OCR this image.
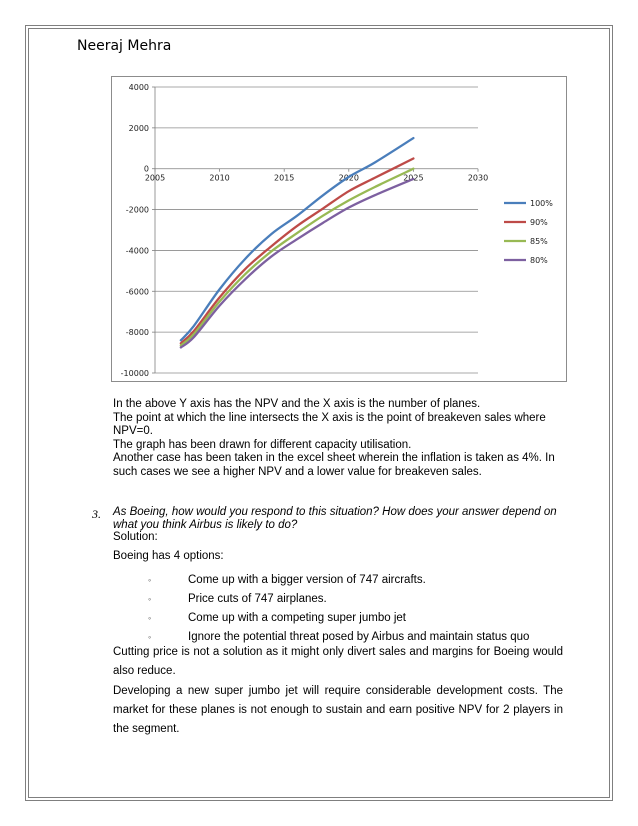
Neeraj Mehra
4000
2000
0
-2000
-4000
-6000
-8000
-10000
2005	2010	2015	2020	2025	2030
100%
90%
85%
80%

In the above Y axis has the NPV and the X axis is the number of planes.

The point at which the line intersects the X axis is the point of breakeven sales where NPV=0.

The graph has been drawn for different capacity utilisation.

Another case has been taken in the excel sheet wherein the inflation is taken as 4%. In such cases we see a higher NPV and a lower value for breakeven sales.

3. As Boeing, how would you respond to this situation? How does your answer depend on what you think Airbus is likely to do?
Solution:
Boeing has 4 options:
◦	Come up with a bigger version of 747 aircrafts.
◦	Price cuts of 747 airplanes.
◦	Come up with a competing super jumbo jet
◦	Ignore the potential threat posed by Airbus and maintain status quo
Cutting price is not a solution as it might only divert sales and margins for Boeing would also reduce.
Developing a new super jumbo jet will require considerable development costs. The market for these planes is not enough to sustain and earn positive NPV for 2 players in the segment.
